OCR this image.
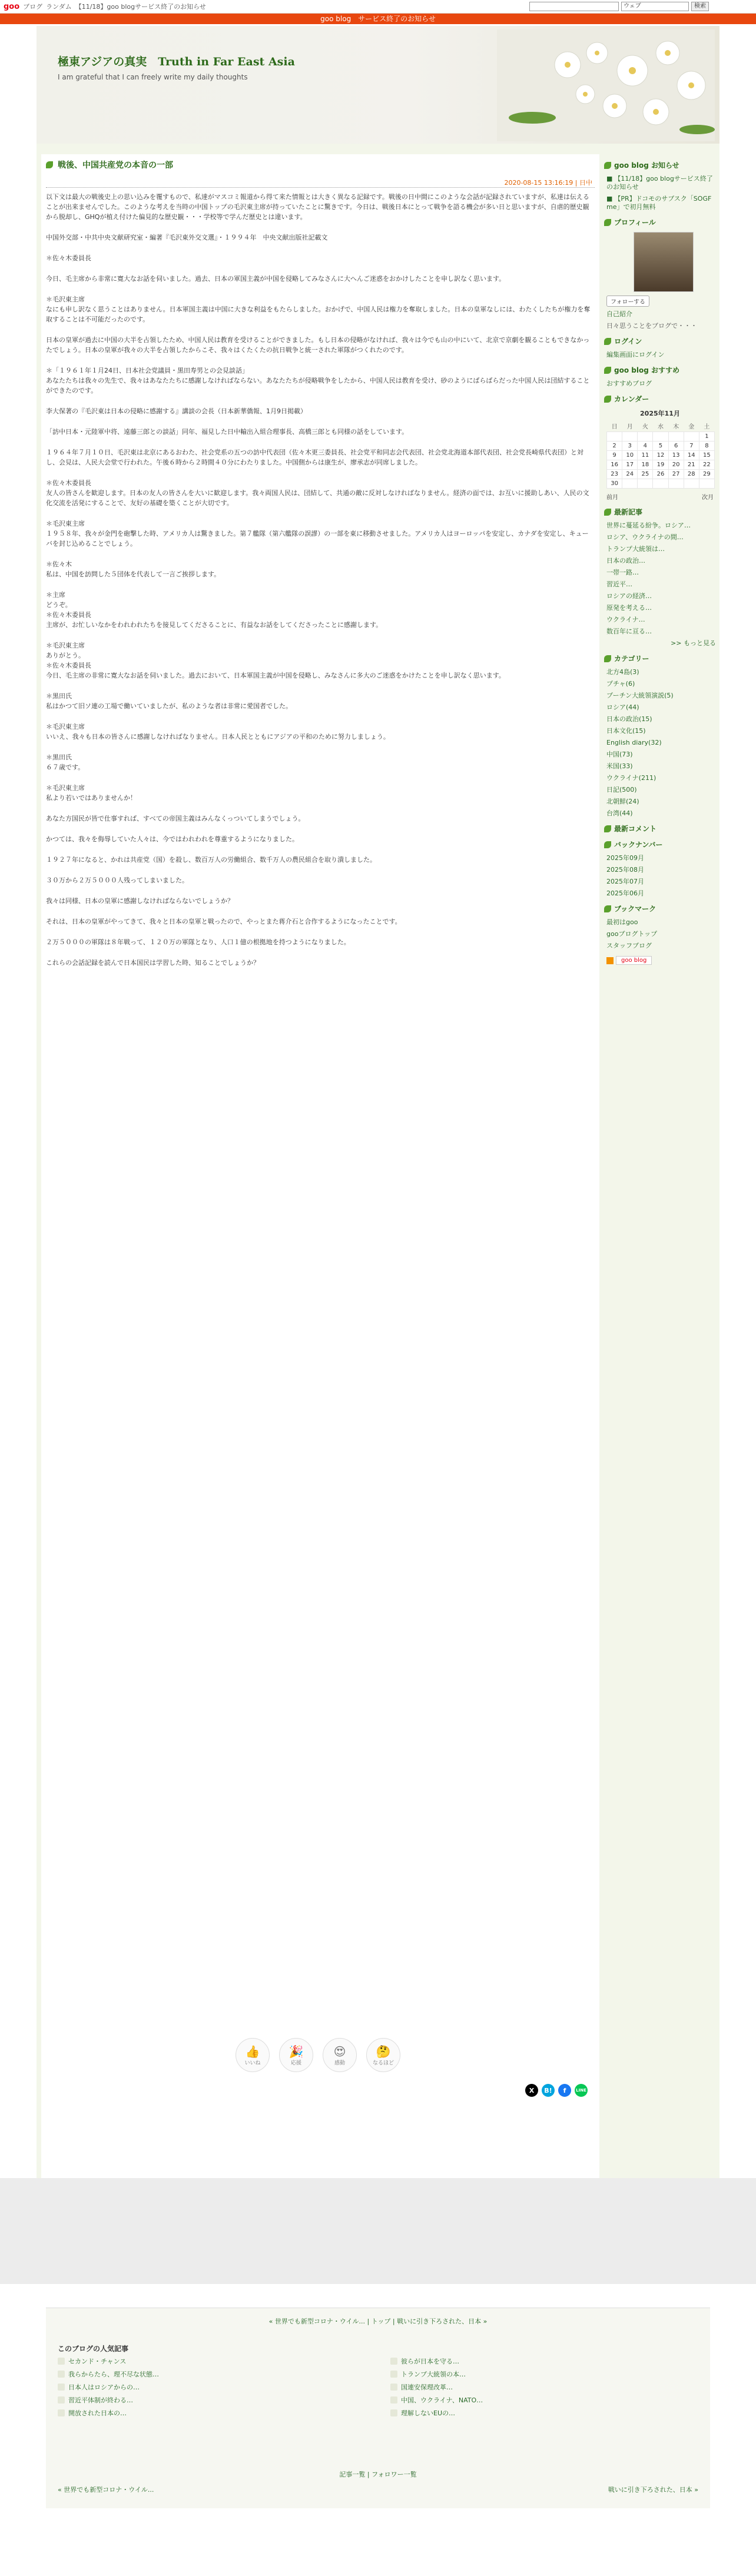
goo ブログ ランダム 【11/18】goo blogサービス終了のお知らせ	ウェブ	検索
goo blog　サービス終了のお知らせ
極東アジアの真実　Truth in Far East Asia
I am grateful that I can freely write my daily thoughts
戦後、中国共産党の本音の一部
2020-08-15 13:16:19 | 日中

以下文は最大の戦後史上の思い込みを覆すもので、私達がマスコミ報道から得て来た情報とは大きく異なる記録です。戦後の日中間にこのような会話が記録されていますが、私達は伝えることが出来ませんでした。このような考えを当時の中国トップの毛沢東主席が持っていたことに驚きです。今日は、戦後日本にとって戦争を語る機会が多い日と思いますが、自虐的歴史観から脱却し、GHQが植え付けた偏見的な歴史観・・・学校等で学んだ歴史とは違います。

中国外交部・中共中央文献研究室・編著『毛沢東外交文選』・１９９４年　中央文献出版社記載文

＊佐々木委員長

今日、毛主席から非常に寛大なお話を伺いました。過去、日本の軍国主義が中国を侵略してみなさんに大へんご迷惑をおかけしたことを申し訳なく思います。

＊毛沢東主席
なにも申し訳なく思うことはありません。日本軍国主義は中国に大きな利益をもたらしました。おかげで、中国人民は権力を奪取しました。日本の皇軍なしには、わたくしたちが権力を奪取することは不可能だったのです。

日本の皇軍が過去に中国の大半を占領したため、中国人民は教育を受けることができました。もし日本の侵略がなければ、我々は今でも山の中にいて、北京で京劇を観ることもできなかったでしょう。日本の皇軍が我々の大半を占領したからこそ、我々はくたくたの抗日戦争と統一された軍隊がつくれたのです。

＊「１９６１年１月24日、日本社会党議員・黒田寿男との会見談話」
あなたたちは我々の先生で、我々はあなたたちに感謝しなければならない。あなたたちが侵略戦争をしたから、中国人民は教育を受け、砂のようにばらばらだった中国人民は団結することができたのです。

李大保著の『毛沢東は日本の侵略に感謝する』講談の会長（日本新華僑報、1月9日掲載）

「訪中日本・元陸軍中将、遠藤三郎との談話」同年、福見した日中輸出入組合理事長、高橋三郎とも同様の話をしています。

１９６４年７月１０日、毛沢東は北京にあるおわた、社会党系の五つの訪中代表団（佐々木更三委員長、社会党平和同志会代表団、社会党北海道本部代表団、社会党長崎県代表団）と対し、会見は、人民大会堂で行われた。午後６時から２時間４０分にわたりました。中国側からは康生が、廖承志が同席しました。

＊佐々木委員長
友人の皆さんを歓迎します。日本の友人の皆さんを大いに歓迎します。我々両国人民は、団結して、共通の敵に反対しなければなりません。経済の面では、お互いに援助しあい、人民の文化交流を活発にすることで、友好の基礎を築くことが大切です。

＊毛沢東主席
１９５８年、我々が金門を砲撃した時、アメリカ人は驚きました。第７艦隊（第六艦隊の誤謬）の一部を東に移動させました。アメリカ人はヨーロッパを安定し、カナダを安定し、キューバを封じ込めることでしょう。

＊佐々木
私は、中国を訪問した５団体を代表して一言ご挨拶します。

＊主席
どうぞ。
＊佐々木委員長
主席が、お忙しいなかをわれわれたちを接見してくださることに、有益なお話をしてくださったことに感謝します。

＊毛沢東主席
ありがとう。
＊佐々木委員長
今日、毛主席の非常に寛大なお話を伺いました。過去において、日本軍国主義が中国を侵略し、みなさんに多大のご迷惑をかけたことを申し訳なく思います。

＊黒田氏
私はかつて旧ソ連の工場で働いていましたが、私のような者は非常に愛国者でした。

＊毛沢東主席
いいえ、我々も日本の皆さんに感謝しなければなりません。日本人民とともにアジアの平和のために努力しましょう。

＊黒田氏
６７歳です。

＊毛沢東主席
私より若いではありませんか！

あなた方国民が皆で仕事すれば、すべての帝国主義はみんなくっついてしまうでしょう。

かつては、我々を侮辱していた人々は、今ではわれわれを尊重するようになりました。

１９２７年になると、かれは共産党（国）を殺し、数百万人の労働組合、数千万人の農民組合を取り潰しました。

３０万から２万５０００人残ってしまいました。

我々は同様、日本の皇軍に感謝しなければならないでしょうか？

それは、日本の皇軍がやってきて、我々と日本の皇軍と戦ったので、やっとまた蒋介石と合作するようになったことです。

２万５０００の軍隊は８年戦って、１２０万の軍隊となり、人口１億の根拠地を持つようになりました。

これらの会話記録を読んで日本国民は学習した時、知ることでしょうか？

👍
いいね
🎉
応援
😍
感動
🤔
なるほど
X	B!	f	LINE
goo blog お知らせ
■ 【11/18】goo blogサービス終了のお知らせ
■ 【PR】ドコモのサブスク「SOGF me」で初月無料
プロフィール
フォローする
自己紹介
日々思うことをブログで・・・
ログイン
編集画面にログイン
goo blog おすすめ
おすすめブログ
カレンダー
2025年11月
日	月	火	水	木	金	土
						1
2	3	4	5	6	7	8
9	10	11	12	13	14	15
16	17	18	19	20	21	22
23	24	25	26	27	28	29
30						
前月	次月
最新記事
世界に蔓延る紛争。ロシア…
ロシア、ウクライナの間…
トランプ大統領は…
日本の政治…
一帯一路…
習近平…
ロシアの経済…
原発を考える…
ウクライナ…
数百年に亘る…
>> もっと見る
カテゴリー
北方4島(3)
プチャ(6)
プーチン大統領演説(5)
ロシア(44)
日本の政治(15)
日本文化(15)
English diary(32)
中国(73)
米国(33)
ウクライナ(211)
日記(500)
北朝鮮(24)
台湾(44)
最新コメント
バックナンバー
2025年09月
2025年08月
2025年07月
2025年06月
ブックマーク
最初はgoo
gooブログトップ
スタッフブログ
goo blog
« 世界でも新型コロナ・ウイル... | トップ | 戦いに引き下ろされた、日本 »
このブログの人気記事
セカンド・チャンス	彼らが日本を守る…
我らからたら、理不尽な状態…	トランプ大統領の本…
日本人はロシアからの…	国連安保理改革…
習近平体制が終わる…	中国、ウクライナ、NATO…
開放された日本の…	理解しないEUの…
記事一覧 | フォロワー一覧
« 世界でも新型コロナ・ウイル...	戦いに引き下ろされた、日本 »
